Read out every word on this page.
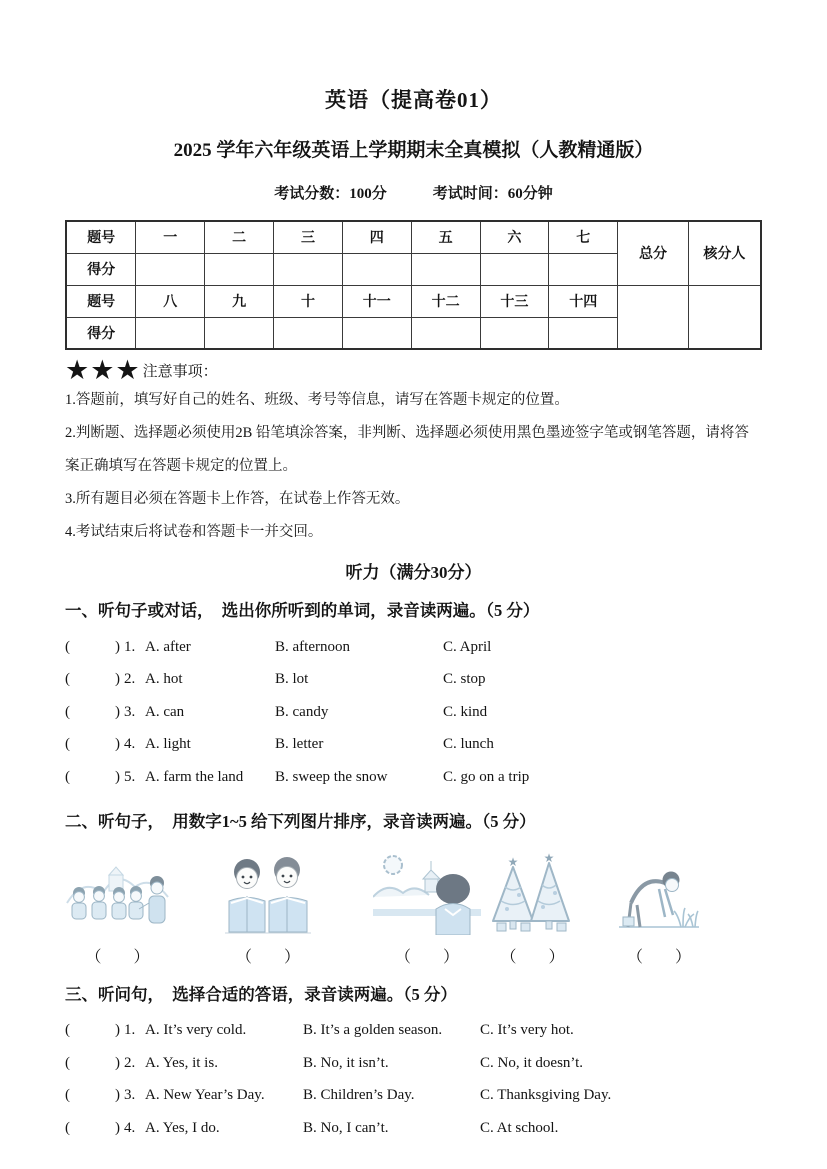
英语（提高卷01）
2025 学年六年级英语上学期期末全真模拟（人教精通版）
考试分数：100分	考试时间：60分钟
题号	一	二	三	四	五	六	七	总分	核分人
得分									
题号	八	九	十	十一	十二	十三	十四		
得分									
★★★ 注意事项：

1.答题前，填写好自己的姓名、班级、考号等信息，请写在答题卡规定的位置。

2.判断题、选择题必须使用2B 铅笔填涂答案，非判断、选择题必须使用黑色墨迹签字笔或钢笔答题，请将答案正确填写在答题卡规定的位置上。

3.所有题目必须在答题卡上作答，在试卷上作答无效。

4.考试结束后将试卷和答题卡一并交回。

听力（满分30分）
一、听句子或对话，　选出你所听到的单词，录音读两遍。（5 分）
(	) 1. A. after	B. afternoon	C. April
(	) 2. A. hot	B. lot	C. stop
(	) 3. A. can	B. candy	C. kind
(	) 4. A. light	B. letter	C. lunch
(	) 5. A. farm the land	B. sweep the snow	C. go on a trip
二、听句子，　用数字1~5 给下列图片排序，录音读两遍。（5 分）
（　　）	（　　）	（　　）
★ ★
（　　）	（　　）
三、听问句，　选择合适的答语，录音读两遍。（5 分）
(	) 1. A. It’s very cold.	B. It’s a golden season.	C. It’s very hot.
(	) 2. A. Yes, it is.	B. No, it isn’t.	C. No, it doesn’t.
(	) 3. A. New Year’s Day.	B. Children’s Day.	C. Thanksgiving Day.
(	) 4. A. Yes, I do.	B. No, I can’t.	C. At school.
